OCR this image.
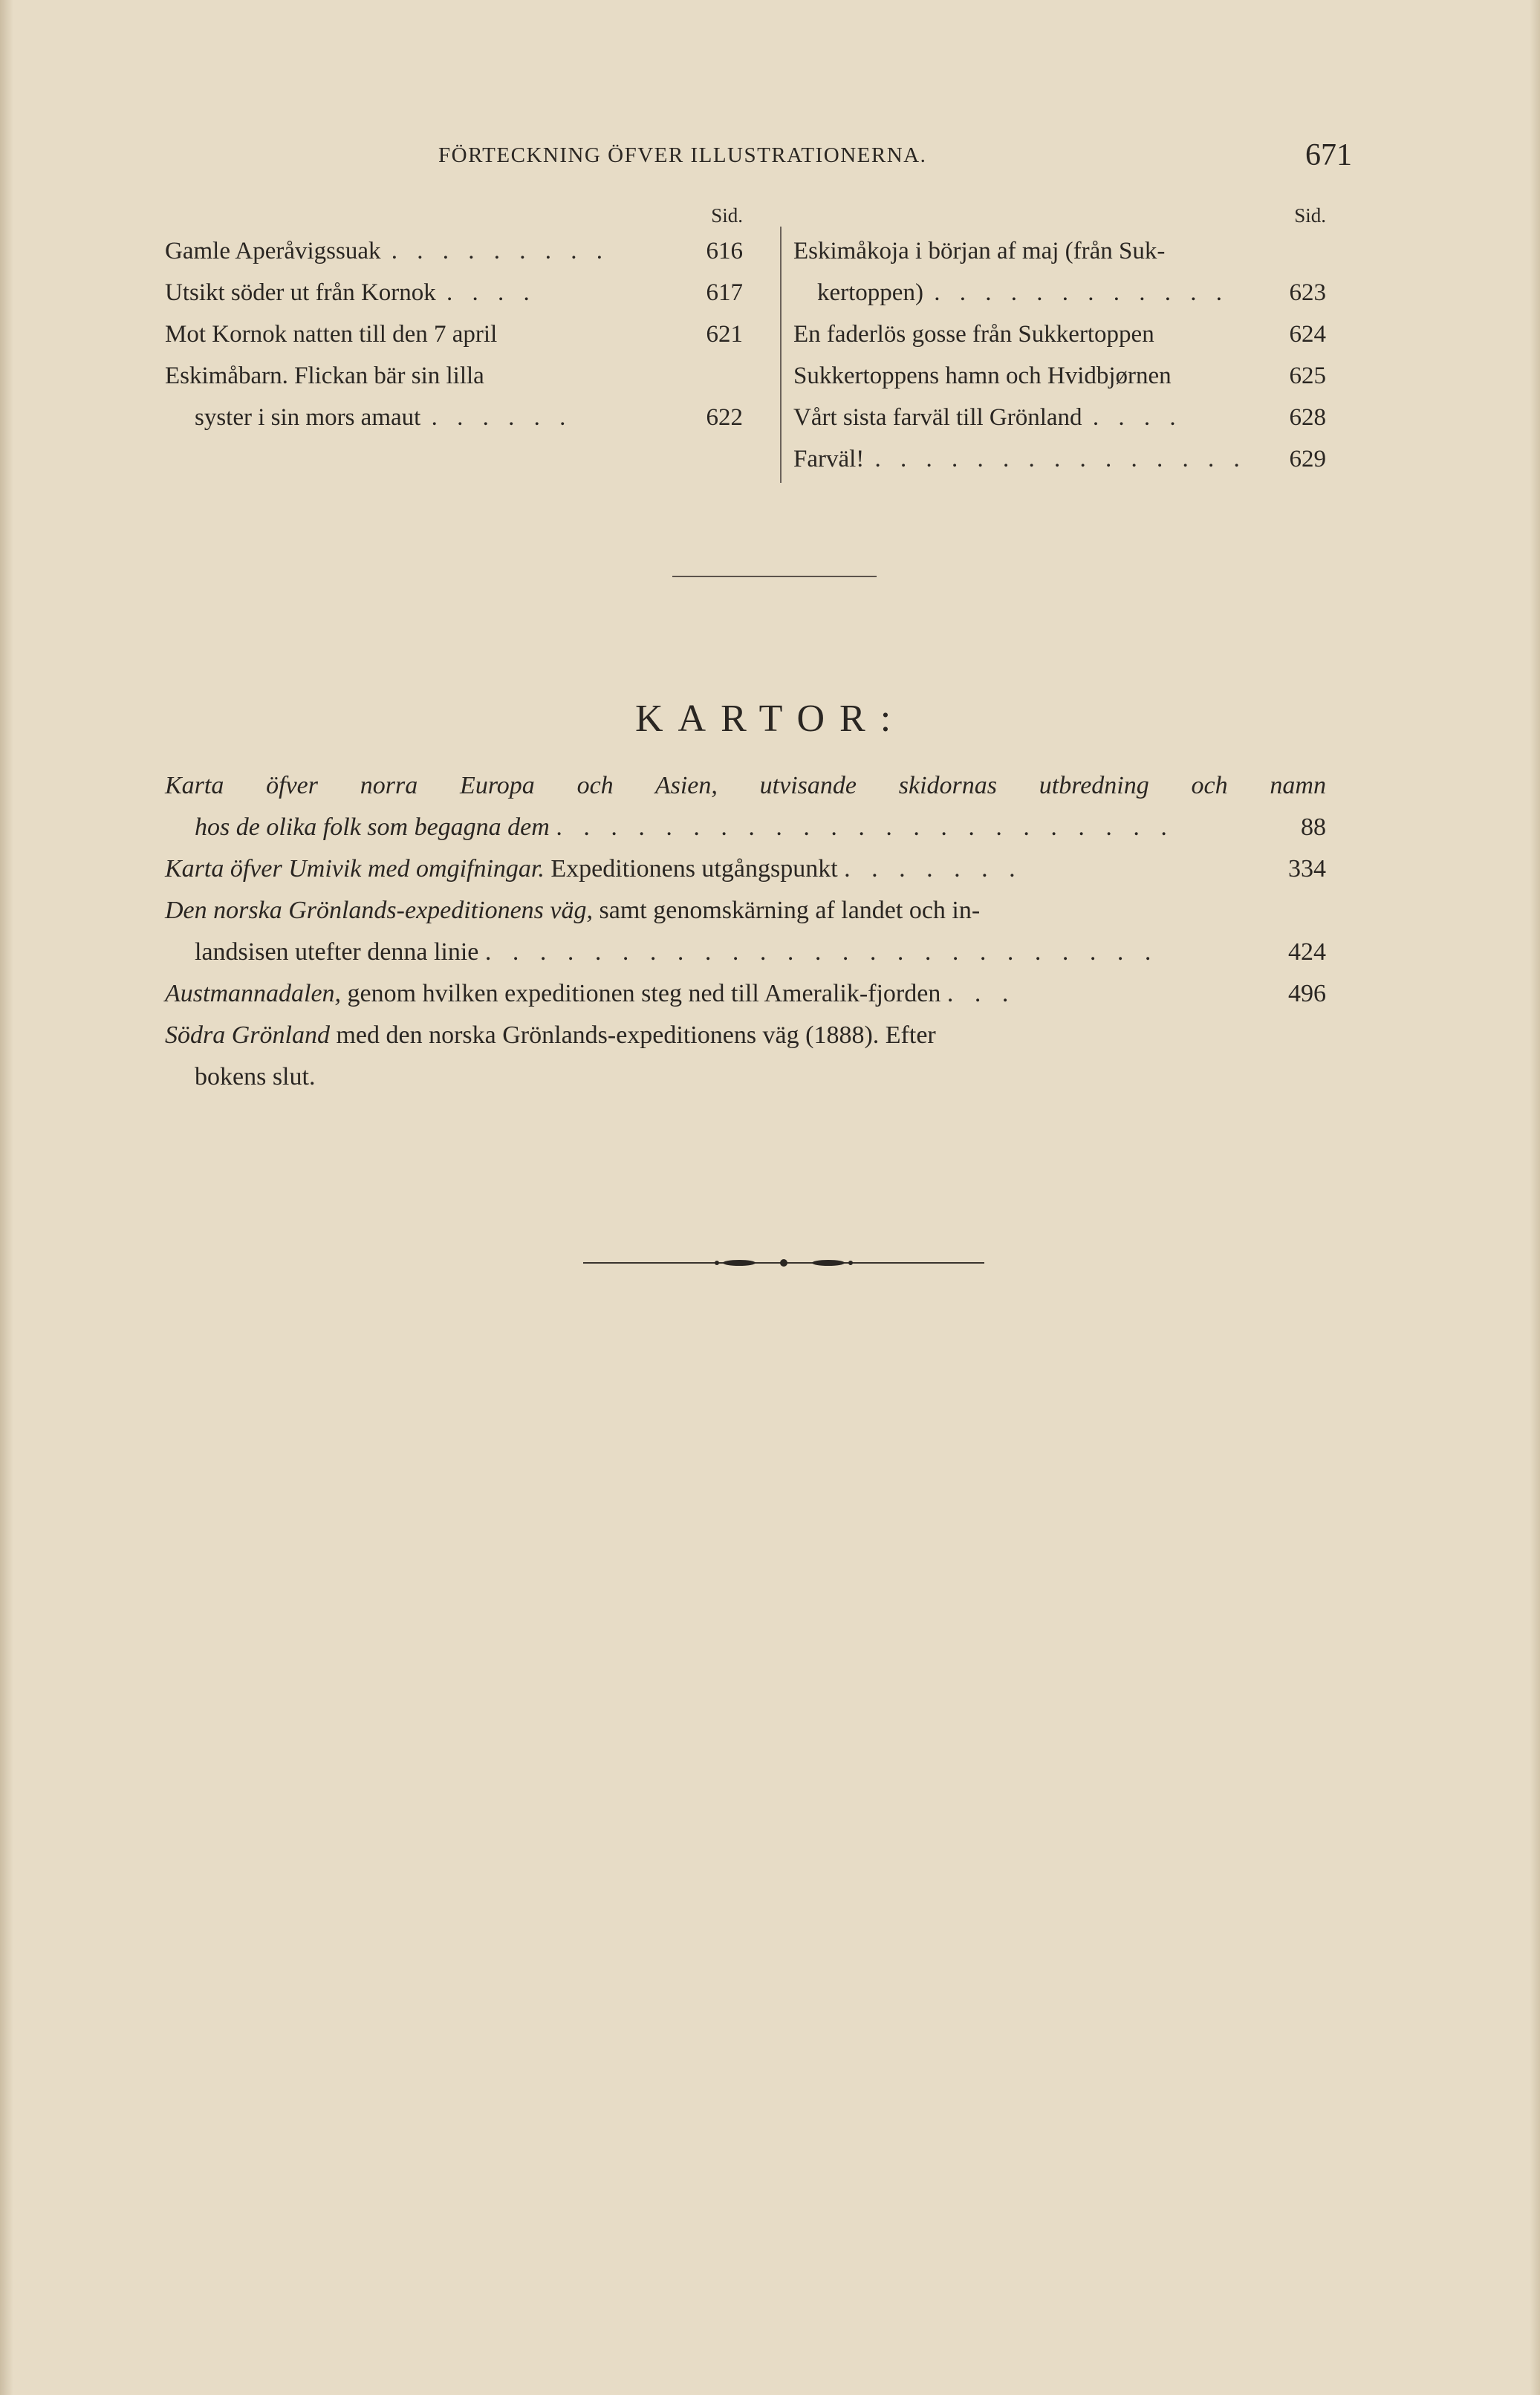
FÖRTECKNING ÖFVER ILLUSTRATIONERNA.	671
Sid.
Gamle Aperåvigssuak . . . . . . . . .	616
Utsikt söder ut från Kornok . . . .	617
Mot Kornok natten till den 7 april	621
Eskimåbarn. Flickan bär sin lilla
syster i sin mors amaut . . . . . .	622
Sid.
Eskimåkoja i början af maj (från Suk-
kertoppen) . . . . . . . . . . . . 623
En faderlös gosse från Sukkertoppen	624
Sukkertoppens hamn och Hvidbjørnen	625
Vårt sista farväl till Grönland . . . .	628
Farväl! . . . . . . . . . . . . . . . 629
KARTOR:
Karta öfver norra Europa och Asien, utvisande skidornas utbredning och namn
hos de olika folk som begagna dem . . . . . . . . . . . . . . . . . . . . . . .	88
Karta öfver Umivik med omgifningar. Expeditionens utgångspunkt . . . . . . .	334
Den norska Grönlands-expeditionens väg, samt genomskärning af landet och in-
landsisen utefter denna linie . . . . . . . . . . . . . . . . . . . . . . . . .	424
Austmannadalen, genom hvilken expeditionen steg ned till Ameralik-fjorden . . .	496
Södra Grönland med den norska Grönlands-expeditionens väg (1888). Efter
bokens slut.
